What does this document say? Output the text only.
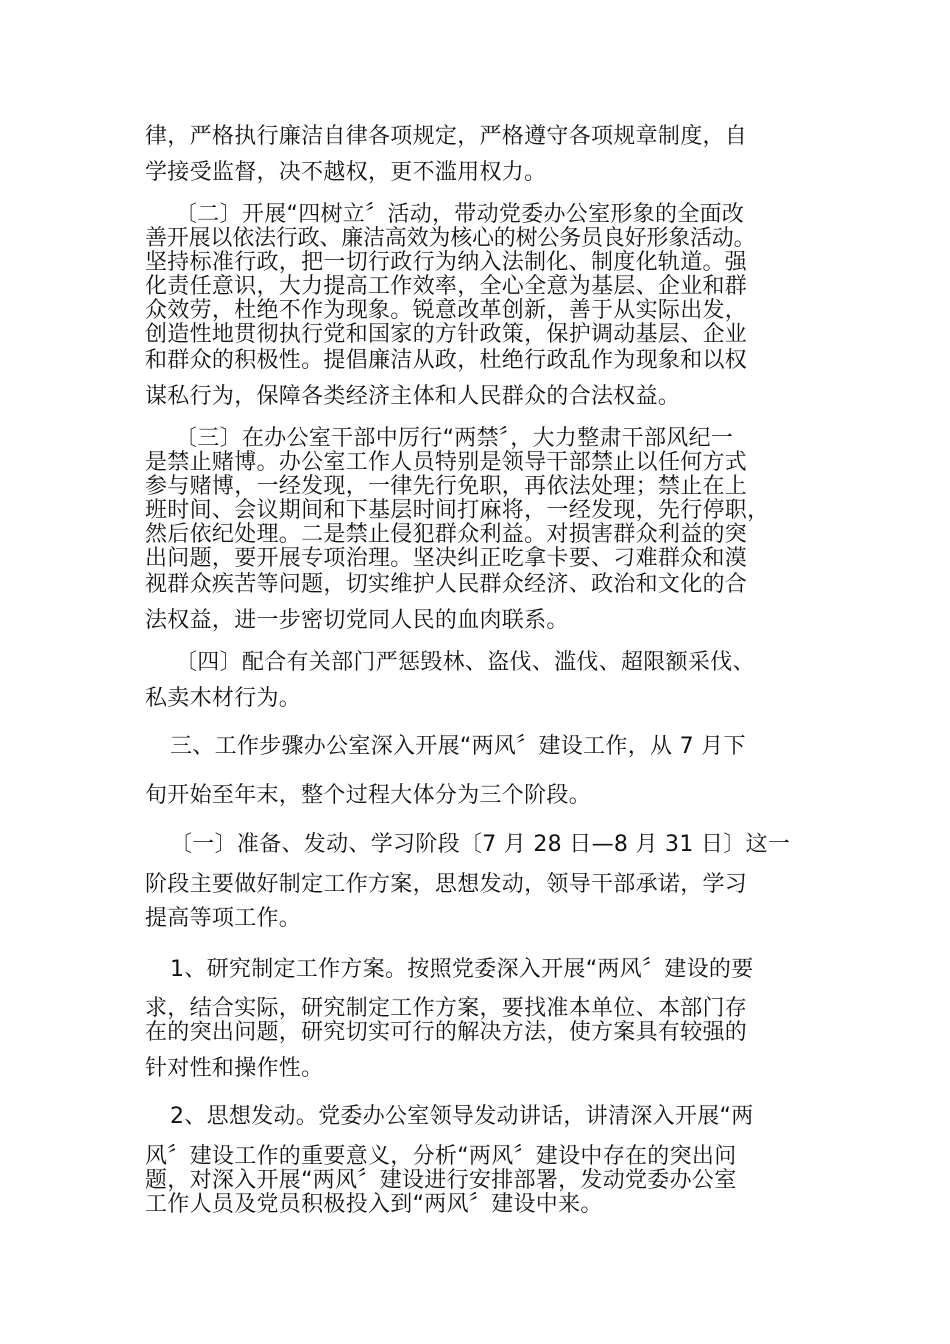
律，严格执行廉洁自律各项规定，严格遵守各项规章制度，自
学接受监督，决不越权，更不滥用权力。
〔二〕开展“四树立〞活动，带动党委办公室形象的全面改
善开展以依法行政、廉洁高效为核心的树公务员良好形象活动。
坚持标准行政，把一切行政行为纳入法制化、制度化轨道。强
化责任意识，大力提高工作效率，全心全意为基层、企业和群
众效劳，杜绝不作为现象。锐意改革创新，善于从实际出发，
创造性地贯彻执行党和国家的方针政策，保护调动基层、企业
和群众的积极性。提倡廉洁从政，杜绝行政乱作为现象和以权
谋私行为，保障各类经济主体和人民群众的合法权益。
〔三〕在办公室干部中厉行“两禁〞，大力整肃干部风纪一
是禁止赌博。办公室工作人员特别是领导干部禁止以任何方式
参与赌博，一经发现，一律先行免职，再依法处理；禁止在上
班时间、会议期间和下基层时间打麻将，一经发现，先行停职，
然后依纪处理。二是禁止侵犯群众利益。对损害群众利益的突
出问题，要开展专项治理。坚决纠正吃拿卡要、刁难群众和漠
视群众疾苦等问题，切实维护人民群众经济、政治和文化的合
法权益，进一步密切党同人民的血肉联系。
〔四〕配合有关部门严惩毁林、盗伐、滥伐、超限额采伐、
私卖木材行为。
三、工作步骤办公室深入开展“两风〞建设工作，从 7 月下
旬开始至年末，整个过程大体分为三个阶段。
〔一〕准备、发动、学习阶段〔7 月 28 日—8 月 31 日〕这一
阶段主要做好制定工作方案，思想发动，领导干部承诺，学习
提高等项工作。
1、研究制定工作方案。按照党委深入开展“两风〞建设的要
求，结合实际，研究制定工作方案，要找准本单位、本部门存
在的突出问题，研究切实可行的解决方法，使方案具有较强的
针对性和操作性。
2、思想发动。党委办公室领导发动讲话，讲清深入开展“两
风〞建设工作的重要意义，分析“两风〞建设中存在的突出问
题，对深入开展“两风〞建设进行安排部署，发动党委办公室
工作人员及党员积极投入到“两风〞建设中来。
